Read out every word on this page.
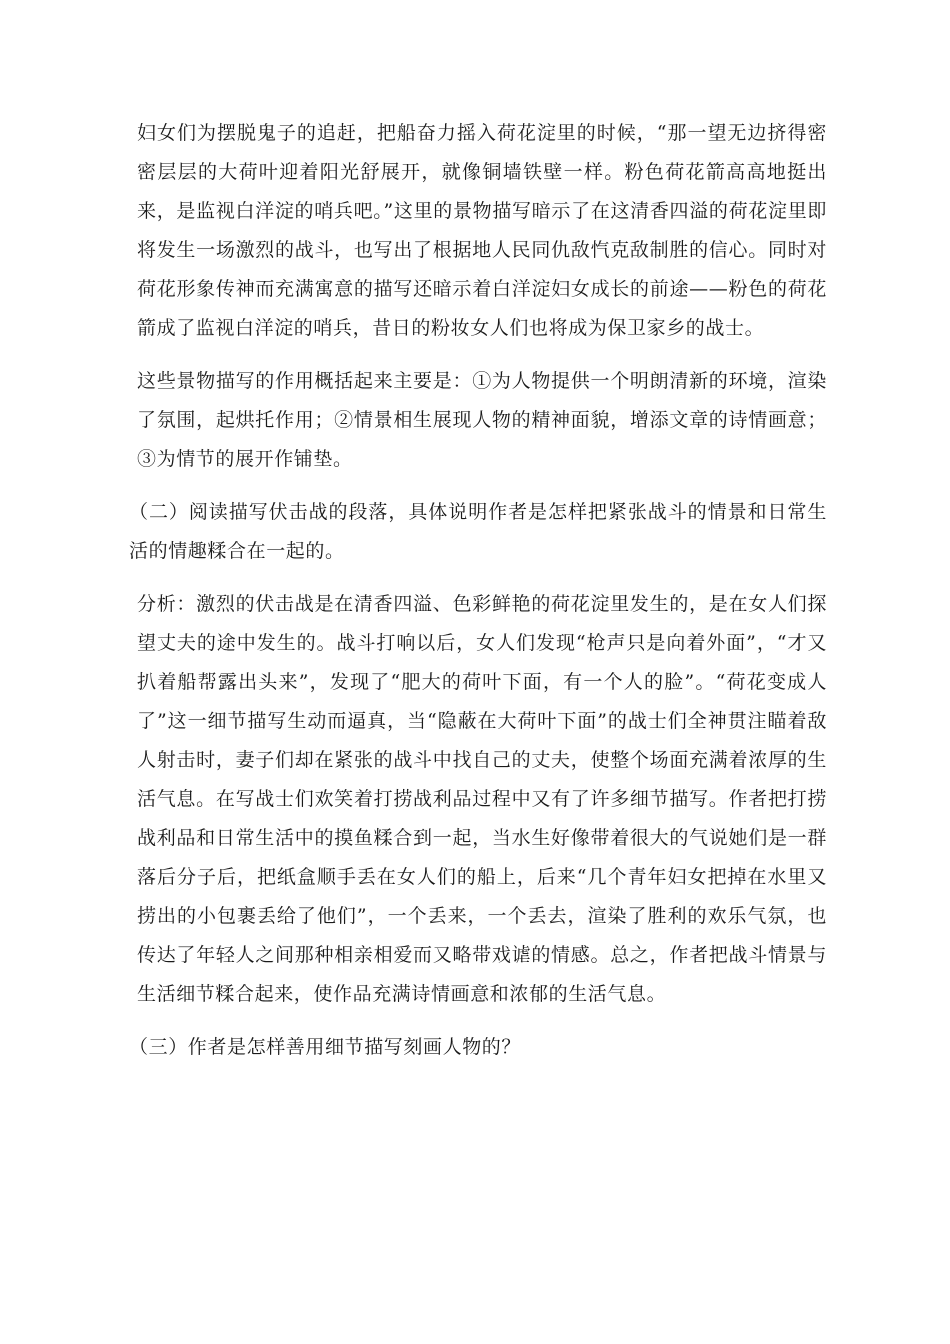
妇女们为摆脱鬼子的追赶，把船奋力摇入荷花淀里的时候，“那一望无边挤得密密层层的大荷叶迎着阳光舒展开，就像铜墙铁壁一样。粉色荷花箭高高地挺出来，是监视白洋淀的哨兵吧。”这里的景物描写暗示了在这清香四溢的荷花淀里即将发生一场激烈的战斗，也写出了根据地人民同仇敌忾克敌制胜的信心。同时对荷花形象传神而充满寓意的描写还暗示着白洋淀妇女成长的前途——粉色的荷花箭成了监视白洋淀的哨兵，昔日的粉妆女人们也将成为保卫家乡的战士。

这些景物描写的作用概括起来主要是：①为人物提供一个明朗清新的环境，渲染了氛围，起烘托作用；②情景相生展现人物的精神面貌，增添文章的诗情画意；③为情节的展开作铺垫。

（二）阅读描写伏击战的段落，具体说明作者是怎样把紧张战斗的情景和日常生活的情趣糅合在一起的。

分析：激烈的伏击战是在清香四溢、色彩鲜艳的荷花淀里发生的，是在女人们探望丈夫的途中发生的。战斗打响以后，女人们发现“枪声只是向着外面”，“才又扒着船帮露出头来”，发现了“肥大的荷叶下面，有一个人的脸”。“荷花变成人了”这一细节描写生动而逼真，当“隐蔽在大荷叶下面”的战士们全神贯注瞄着敌人射击时，妻子们却在紧张的战斗中找自己的丈夫，使整个场面充满着浓厚的生活气息。在写战士们欢笑着打捞战利品过程中又有了许多细节描写。作者把打捞战利品和日常生活中的摸鱼糅合到一起，当水生好像带着很大的气说她们是一群落后分子后，把纸盒顺手丢在女人们的船上，后来“几个青年妇女把掉在水里又捞出的小包裹丢给了他们”，一个丢来，一个丢去，渲染了胜利的欢乐气氛，也传达了年轻人之间那种相亲相爱而又略带戏谑的情感。总之，作者把战斗情景与生活细节糅合起来，使作品充满诗情画意和浓郁的生活气息。

（三）作者是怎样善用细节描写刻画人物的？
